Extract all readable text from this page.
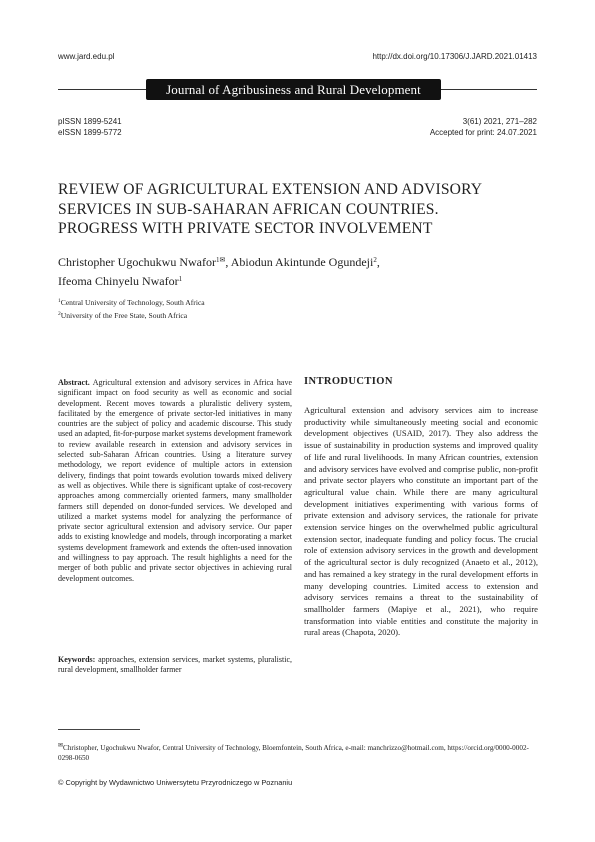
www.jard.edu.pl	http://dx.doi.org/10.17306/J.JARD.2021.01413
Journal of Agribusiness and Rural Development
pISSN 1899-5241
eISSN 1899-5772
3(61) 2021, 271–282
Accepted for print: 24.07.2021
REVIEW OF AGRICULTURAL EXTENSION AND ADVISORY
SERVICES IN SUB-SAHARAN AFRICAN COUNTRIES.
PROGRESS WITH PRIVATE SECTOR INVOLVEMENT
Christopher Ugochukwu Nwafor$^1$✉, Abiodun Akintunde Ogundeji$^2$,
Ifeoma Chinyelu Nwafor$^1$
$^1$Central University of Technology, South Africa
$^2$University of the Free State, South Africa
Abstract. Agricultural extension and advisory services in Africa have significant impact on food security as well as economic and social development. Recent moves towards a pluralistic delivery system, facilitated by the emergence of private sector-led initiatives in many countries are the subject of policy and academic discourse. This study used an adapted, fit-for-purpose market systems development framework to review available research in extension and advisory services in selected sub-Saharan African countries. Using a literature survey methodology, we report evidence of multiple actors in extension delivery, findings that point towards evolution towards mixed delivery as well as objectives. While there is significant uptake of cost-recovery approaches among commercially oriented farmers, many smallholder farmers still depended on donor-funded services. We developed and utilized a market systems model for analyzing the performance of private sector agricultural extension and advisory service. Our paper adds to existing knowledge and models, through incorporating a market systems development framework and extends the often-used innovation and willingness to pay approach. The result highlights a need for the merger of both public and private sector objectives in achieving rural development outcomes.
Keywords: approaches, extension services, market systems, pluralistic, rural development, smallholder farmer
INTRODUCTION
Agricultural extension and advisory services aim to increase productivity while simultaneously meeting social and economic development objectives (USAID, 2017). They also address the issue of sustainability in production systems and improved quality of life and rural livelihoods. In many African countries, extension and advisory services have evolved and comprise public, non-profit and private sector players who constitute an important part of the agricultural value chain. While there are many agricultural development initiatives experimenting with various forms of private extension and advisory services, the rationale for private extension service hinges on the overwhelmed public agricultural extension sector, inadequate funding and policy focus. The crucial role of extension advisory services in the growth and development of the agricultural sector is duly recognized (Anaeto et al., 2012), and has remained a key strategy in the rural development efforts in many developing countries. Limited access to extension and advisory services remains a threat to the sustainability of smallholder farmers (Mapiye et al., 2021), who require transformation into viable entities and constitute the majority in rural areas (Chapota, 2020).
✉Christopher, Ugochukwu Nwafor, Central University of Technology, Bloemfontein, South Africa, e-mail: manchrizzo@hotmail.com, https://orcid.org/0000-0002-0298-0650
© Copyright by Wydawnictwo Uniwersytetu Przyrodniczego w Poznaniu
